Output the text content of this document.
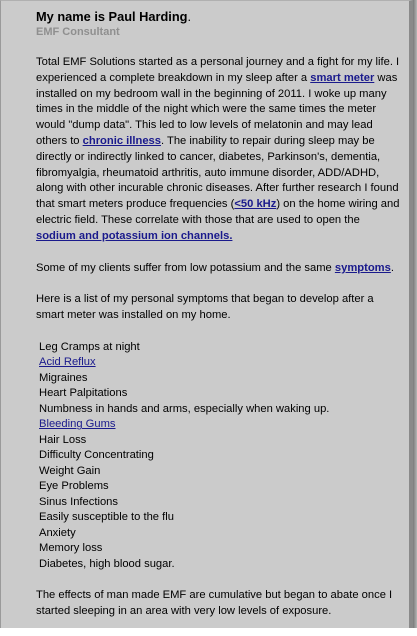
My name is Paul Harding.
EMF Consultant

Total EMF Solutions started as a personal journey and a fight for my life. I experienced a complete breakdown in my sleep after a smart meter was installed on my bedroom wall in the beginning of 2011. I woke up many times in the middle of the night which were the same times the meter would "dump data". This led to low levels of melatonin and may lead others to chronic illness. The inability to repair during sleep may be directly or indirectly linked to cancer, diabetes, Parkinson's, dementia, fibromyalgia, rheumatoid arthritis, auto immune disorder, ADD/ADHD, along with other incurable chronic diseases. After further research I found that smart meters produce frequencies (<50 kHz) on the home wiring and electric field. These correlate with those that are used to open the sodium and potassium ion channels.

Some of my clients suffer from low potassium and the same symptoms.

Here is a list of my personal symptoms that began to develop after a smart meter was installed on my home.

Leg Cramps at night
Acid Reflux
Migraines
Heart Palpitations
Numbness in hands and arms, especially when waking up.
Bleeding Gums
Hair Loss
Difficulty Concentrating
Weight Gain
Eye Problems
Sinus Infections
Easily susceptible to the flu
Anxiety
Memory loss
Diabetes, high blood sugar.

The effects of man made EMF are cumulative but began to abate once I started sleeping in an area with very low levels of exposure.
